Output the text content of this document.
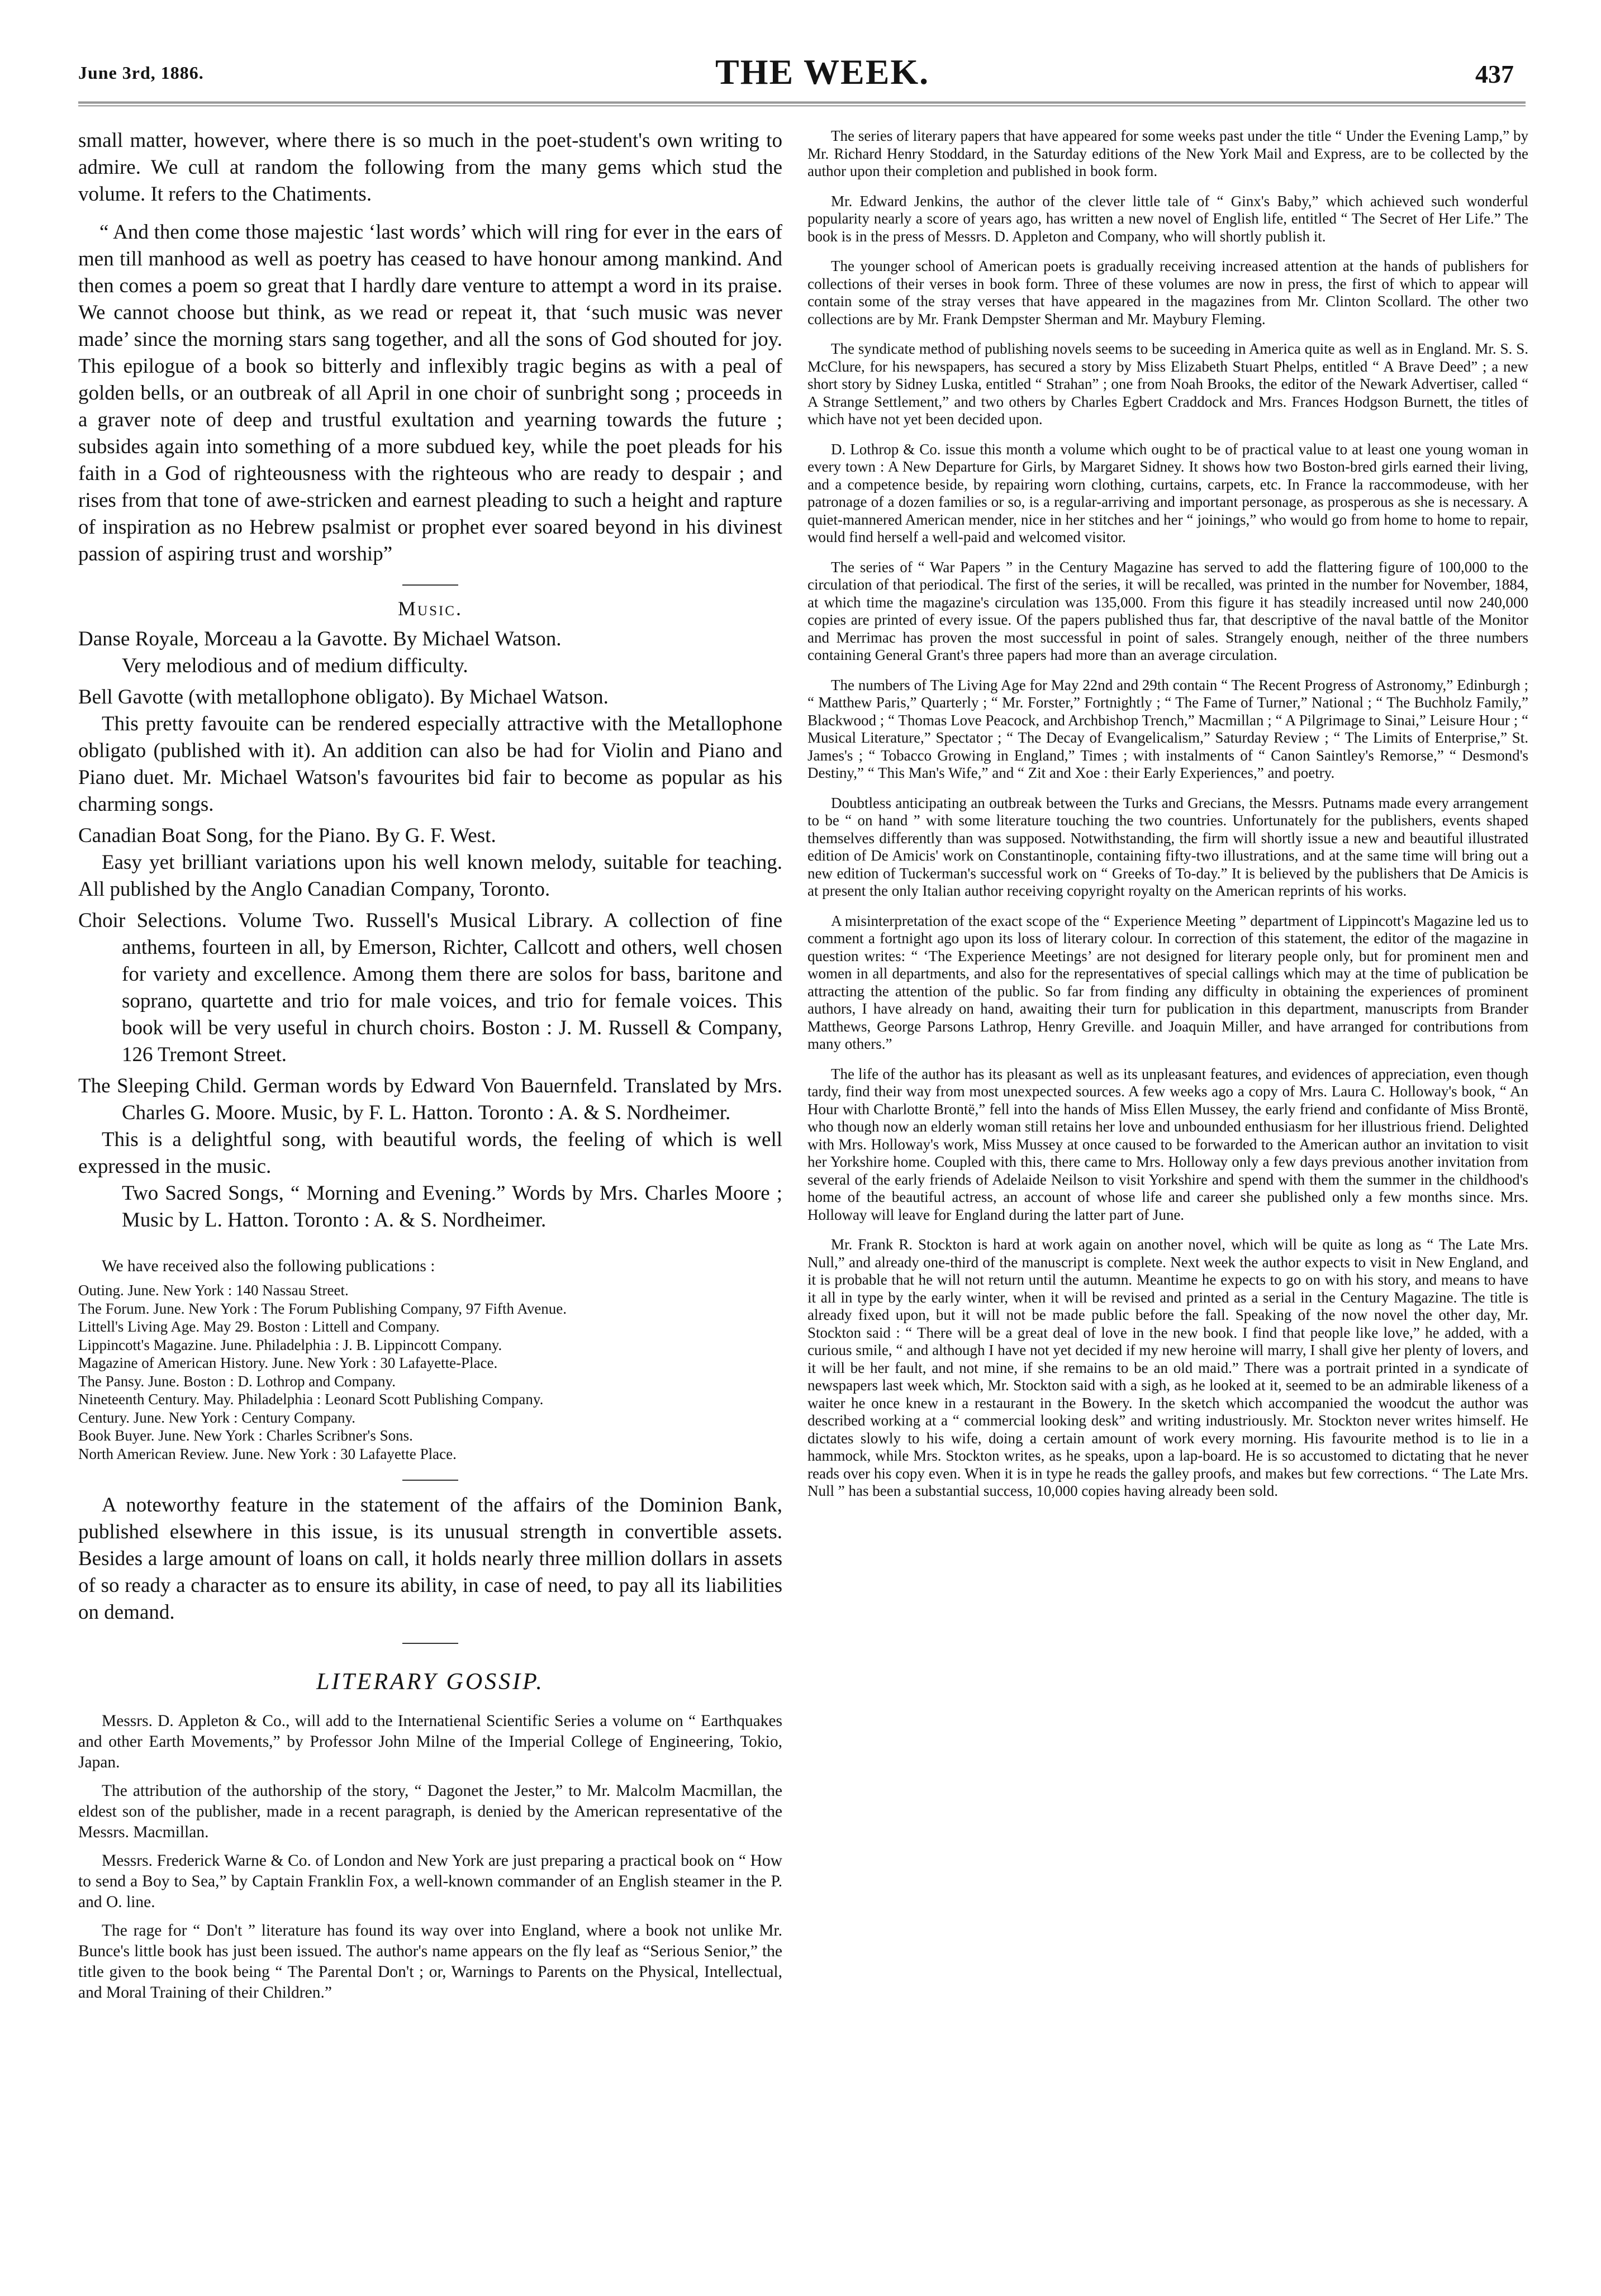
June 3rd, 1886.	THE WEEK.	437

small matter, however, where there is so much in the poet-student's own writing to admire. We cull at random the following from the many gems which stud the volume. It refers to the Chatiments.

“ And then come those majestic ‘last words’ which will ring for ever in the ears of men till manhood as well as poetry has ceased to have honour among mankind. And then comes a poem so great that I hardly dare venture to attempt a word in its praise. We cannot choose but think, as we read or repeat it, that ‘such music was never made’ since the morning stars sang together, and all the sons of God shouted for joy. This epilogue of a book so bitterly and inflexibly tragic begins as with a peal of golden bells, or an outbreak of all April in one choir of sunbright song ; proceeds in a graver note of deep and trustful exultation and yearning towards the future ; subsides again into something of a more subdued key, while the poet pleads for his faith in a God of righteousness with the righteous who are ready to despair ; and rises from that tone of awe-stricken and earnest pleading to such a height and rapture of inspiration as no Hebrew psalmist or prophet ever soared beyond in his divinest passion of aspiring trust and worship”

Music.

Danse Royale, Morceau a la Gavotte. By Michael Watson.

Very melodious and of medium difficulty.

Bell Gavotte (with metallophone obligato). By Michael Watson.

This pretty favouite can be rendered especially attractive with the Metallophone obligato (published with it). An addition can also be had for Violin and Piano and Piano duet. Mr. Michael Watson's favourites bid fair to become as popular as his charming songs.

Canadian Boat Song, for the Piano. By G. F. West.

Easy yet brilliant variations upon his well known melody, suitable for teaching. All published by the Anglo Canadian Company, Toronto.

Choir Selections. Volume Two. Russell's Musical Library. A collection of fine anthems, fourteen in all, by Emerson, Richter, Callcott and others, well chosen for variety and excellence. Among them there are solos for bass, baritone and soprano, quartette and trio for male voices, and trio for female voices. This book will be very useful in church choirs. Boston : J. M. Russell & Company, 126 Tremont Street.

The Sleeping Child. German words by Edward Von Bauernfeld. Translated by Mrs. Charles G. Moore. Music, by F. L. Hatton. Toronto : A. & S. Nordheimer.

This is a delightful song, with beautiful words, the feeling of which is well expressed in the music.

Two Sacred Songs, “ Morning and Evening.” Words by Mrs. Charles Moore ; Music by L. Hatton. Toronto : A. & S. Nordheimer.

We have received also the following publications :

Outing. June. New York : 140 Nassau Street.
The Forum. June. New York : The Forum Publishing Company, 97 Fifth Avenue.
Littell's Living Age. May 29. Boston : Littell and Company.
Lippincott's Magazine. June. Philadelphia : J. B. Lippincott Company.
Magazine of American History. June. New York : 30 Lafayette-Place.
The Pansy. June. Boston : D. Lothrop and Company.
Nineteenth Century. May. Philadelphia : Leonard Scott Publishing Company.
Century. June. New York : Century Company.
Book Buyer. June. New York : Charles Scribner's Sons.
North American Review. June. New York : 30 Lafayette Place.

A noteworthy feature in the statement of the affairs of the Dominion Bank, published elsewhere in this issue, is its unusual strength in convertible assets. Besides a large amount of loans on call, it holds nearly three million dollars in assets of so ready a character as to ensure its ability, in case of need, to pay all its liabilities on demand.

LITERARY GOSSIP.

Messrs. D. Appleton & Co., will add to the Internatienal Scientific Series a volume on “ Earthquakes and other Earth Movements,” by Professor John Milne of the Imperial College of Engineering, Tokio, Japan.

The attribution of the authorship of the story, “ Dagonet the Jester,” to Mr. Malcolm Macmillan, the eldest son of the publisher, made in a recent paragraph, is denied by the American representative of the Messrs. Macmillan.

Messrs. Frederick Warne & Co. of London and New York are just preparing a practical book on “ How to send a Boy to Sea,” by Captain Franklin Fox, a well-known commander of an English steamer in the P. and O. line.

The rage for “ Don't ” literature has found its way over into England, where a book not unlike Mr. Bunce's little book has just been issued. The author's name appears on the fly leaf as “Serious Senior,” the title given to the book being “ The Parental Don't ; or, Warnings to Parents on the Physical, Intellectual, and Moral Training of their Children.”

The series of literary papers that have appeared for some weeks past under the title “ Under the Evening Lamp,” by Mr. Richard Henry Stoddard, in the Saturday editions of the New York Mail and Express, are to be collected by the author upon their completion and published in book form.

Mr. Edward Jenkins, the author of the clever little tale of “ Ginx's Baby,” which achieved such wonderful popularity nearly a score of years ago, has written a new novel of English life, entitled “ The Secret of Her Life.” The book is in the press of Messrs. D. Appleton and Company, who will shortly publish it.

The younger school of American poets is gradually receiving increased attention at the hands of publishers for collections of their verses in book form. Three of these volumes are now in press, the first of which to appear will contain some of the stray verses that have appeared in the magazines from Mr. Clinton Scollard. The other two collections are by Mr. Frank Dempster Sherman and Mr. Maybury Fleming.

The syndicate method of publishing novels seems to be suceeding in America quite as well as in England. Mr. S. S. McClure, for his newspapers, has secured a story by Miss Elizabeth Stuart Phelps, entitled “ A Brave Deed” ; a new short story by Sidney Luska, entitled “ Strahan” ; one from Noah Brooks, the editor of the Newark Advertiser, called “ A Strange Settlement,” and two others by Charles Egbert Craddock and Mrs. Frances Hodgson Burnett, the titles of which have not yet been decided upon.

D. Lothrop & Co. issue this month a volume which ought to be of practical value to at least one young woman in every town : A New Departure for Girls, by Margaret Sidney. It shows how two Boston-bred girls earned their living, and a competence beside, by repairing worn clothing, curtains, carpets, etc. In France la raccommodeuse, with her patronage of a dozen families or so, is a regular-arriving and important personage, as prosperous as she is necessary. A quiet-mannered American mender, nice in her stitches and her “ joinings,” who would go from home to home to repair, would find herself a well-paid and welcomed visitor.

The series of “ War Papers ” in the Century Magazine has served to add the flattering figure of 100,000 to the circulation of that periodical. The first of the series, it will be recalled, was printed in the number for November, 1884, at which time the magazine's circulation was 135,000. From this figure it has steadily increased until now 240,000 copies are printed of every issue. Of the papers published thus far, that descriptive of the naval battle of the Monitor and Merrimac has proven the most successful in point of sales. Strangely enough, neither of the three numbers containing General Grant's three papers had more than an average circulation.

The numbers of The Living Age for May 22nd and 29th contain “ The Recent Progress of Astronomy,” Edinburgh ; “ Matthew Paris,” Quarterly ; “ Mr. Forster,” Fortnightly ; “ The Fame of Turner,” National ; “ The Buchholz Family,” Blackwood ; “ Thomas Love Peacock, and Archbishop Trench,” Macmillan ; “ A Pilgrimage to Sinai,” Leisure Hour ; “ Musical Literature,” Spectator ; “ The Decay of Evangelicalism,” Saturday Review ; “ The Limits of Enterprise,” St. James's ; “ Tobacco Growing in England,” Times ; with instalments of “ Canon Saintley's Remorse,” “ Desmond's Destiny,” “ This Man's Wife,” and “ Zit and Xoe : their Early Experiences,” and poetry.

Doubtless anticipating an outbreak between the Turks and Grecians, the Messrs. Putnams made every arrangement to be “ on hand ” with some literature touching the two countries. Unfortunately for the publishers, events shaped themselves differently than was supposed. Notwithstanding, the firm will shortly issue a new and beautiful illustrated edition of De Amicis' work on Constantinople, containing fifty-two illustrations, and at the same time will bring out a new edition of Tuckerman's successful work on “ Greeks of To-day.” It is believed by the publishers that De Amicis is at present the only Italian author receiving copyright royalty on the American reprints of his works.

A misinterpretation of the exact scope of the “ Experience Meeting ” department of Lippincott's Magazine led us to comment a fortnight ago upon its loss of literary colour. In correction of this statement, the editor of the magazine in question writes: “ ‘The Experience Meetings’ are not designed for literary people only, but for prominent men and women in all departments, and also for the representatives of special callings which may at the time of publication be attracting the attention of the public. So far from finding any difficulty in obtaining the experiences of prominent authors, I have already on hand, awaiting their turn for publication in this department, manuscripts from Brander Matthews, George Parsons Lathrop, Henry Greville. and Joaquin Miller, and have arranged for contributions from many others.”

The life of the author has its pleasant as well as its unpleasant features, and evidences of appreciation, even though tardy, find their way from most unexpected sources. A few weeks ago a copy of Mrs. Laura C. Holloway's book, “ An Hour with Charlotte Brontë,” fell into the hands of Miss Ellen Mussey, the early friend and confidante of Miss Brontë, who though now an elderly woman still retains her love and unbounded enthusiasm for her illustrious friend. Delighted with Mrs. Holloway's work, Miss Mussey at once caused to be forwarded to the American author an invitation to visit her Yorkshire home. Coupled with this, there came to Mrs. Holloway only a few days previous another invitation from several of the early friends of Adelaide Neilson to visit Yorkshire and spend with them the summer in the childhood's home of the beautiful actress, an account of whose life and career she published only a few months since. Mrs. Holloway will leave for England during the latter part of June.

Mr. Frank R. Stockton is hard at work again on another novel, which will be quite as long as “ The Late Mrs. Null,” and already one-third of the manuscript is complete. Next week the author expects to visit in New England, and it is probable that he will not return until the autumn. Meantime he expects to go on with his story, and means to have it all in type by the early winter, when it will be revised and printed as a serial in the Century Magazine. The title is already fixed upon, but it will not be made public before the fall. Speaking of the now novel the other day, Mr. Stockton said : “ There will be a great deal of love in the new book. I find that people like love,” he added, with a curious smile, “ and although I have not yet decided if my new heroine will marry, I shall give her plenty of lovers, and it will be her fault, and not mine, if she remains to be an old maid.” There was a portrait printed in a syndicate of newspapers last week which, Mr. Stockton said with a sigh, as he looked at it, seemed to be an admirable likeness of a waiter he once knew in a restaurant in the Bowery. In the sketch which accompanied the woodcut the author was described working at a “ commercial looking desk” and writing industriously. Mr. Stockton never writes himself. He dictates slowly to his wife, doing a certain amount of work every morning. His favourite method is to lie in a hammock, while Mrs. Stockton writes, as he speaks, upon a lap-board. He is so accustomed to dictating that he never reads over his copy even. When it is in type he reads the galley proofs, and makes but few corrections. “ The Late Mrs. Null ” has been a substantial success, 10,000 copies having already been sold.
